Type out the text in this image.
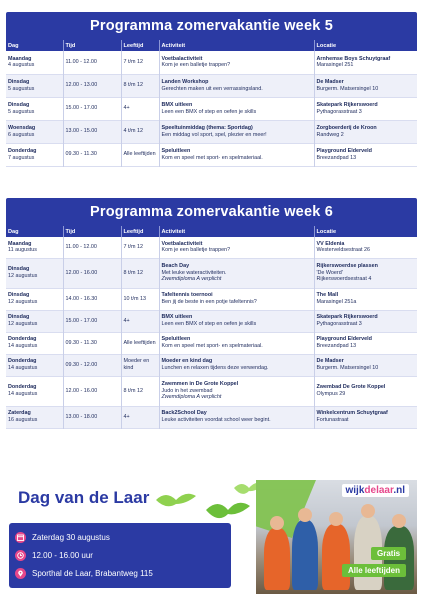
Programma zomervakantie week 5
Dag	Tijd	Leeftijd	Activiteit	Locatie

Maandag
4 augustus	11.00 - 12.00	7 t/m 12	Voetbalactiviteit
Kom je een balletje trappen?	Arnhemse Boys Schuytgraaf
Marasingel 251

Dinsdag
5 augustus	12.00 - 13.00	8 t/m 12	Landen Workshop
Gerechten maken uit een verrassingsland.	De Madser
Burgerm. Matsersingel 10

Dinsdag
5 augustus	15.00 - 17.00	4+	BMX uitleen
Leen een BMX of step en oefen je skills	Skatepark Rijkerswoerd
Pythagorasstraat 3

Woensdag
6 augustus	13.00 - 15.00	4 t/m 12	Speeltuinmiddag (thema: Sportdag)
Een middag vol sport, spel, plezier en meer!	Zorgboerderij de Kroon
Randweg 2

Donderdag
7 augustus	09.30 - 11.30	Alle leeftijden	Speluitleen
Kom en speel met sport- en spelmateriaal.	Playground Elderveld
Breezandpad 13
Programma zomervakantie week 6
Dag	Tijd	Leeftijd	Activiteit	Locatie

Maandag
11 augustus	11.00 - 12.00	7 t/m 12	Voetbalactiviteit
Kom je een balletje trappen?	VV Eldenia
Westerveldsestraat 26

Dinsdag
12 augustus	12.00 - 16.00	8 t/m 12	Beach Day
Met leuke wateractiviteiten.
Zwemdiploma A verplicht	Rijkerswoerdse plassen
'De Woerd'
Rijkerswoerdsestraat 4

Dinsdag
12 augustus	14.00 - 16.30	10 t/m 13	Tafeltennis toernooi
Ben jij de beste in een potje tafeltennis?	The Mall
Marasingel 251a

Dinsdag
12 augustus	15.00 - 17.00	4+	BMX uitleen
Leen een BMX of step en oefen je skills	Skatepark Rijkerswoerd
Pythagorasstraat 3

Donderdag
14 augustus	09.30 - 11.30	Alle leeftijden	Speluitleen
Kom en speel met sport- en spelmateriaal.	Playground Elderveld
Breezandpad 13

Donderdag
14 augustus	09.30 - 12.00	Moeder en kind	Moeder en kind dag
Lunchen en relaxen tijdens deze verwendag.	De Madser
Burgerm. Matsersingel 10

Donderdag
14 augustus	12.00 - 16.00	8 t/m 12	Zwemmen in De Grote Koppel
Judo in het zwembad
Zwemdiploma A verplicht	Zwembad De Grote Koppel
Olympus 29

Zaterdag
16 augustus	13.00 - 18.00	4+	Back2School Day
Leuke activiteiten voordat school weer begint.	Winkelcentrum Schuytgraaf
Fortunastraat
Dag van de Laar
Zaterdag 30 augustus
12.00 - 16.00 uur
Sporthal de Laar, Brabantweg 115
wijkdelaar.nl
Gratis
Alle leeftijden
